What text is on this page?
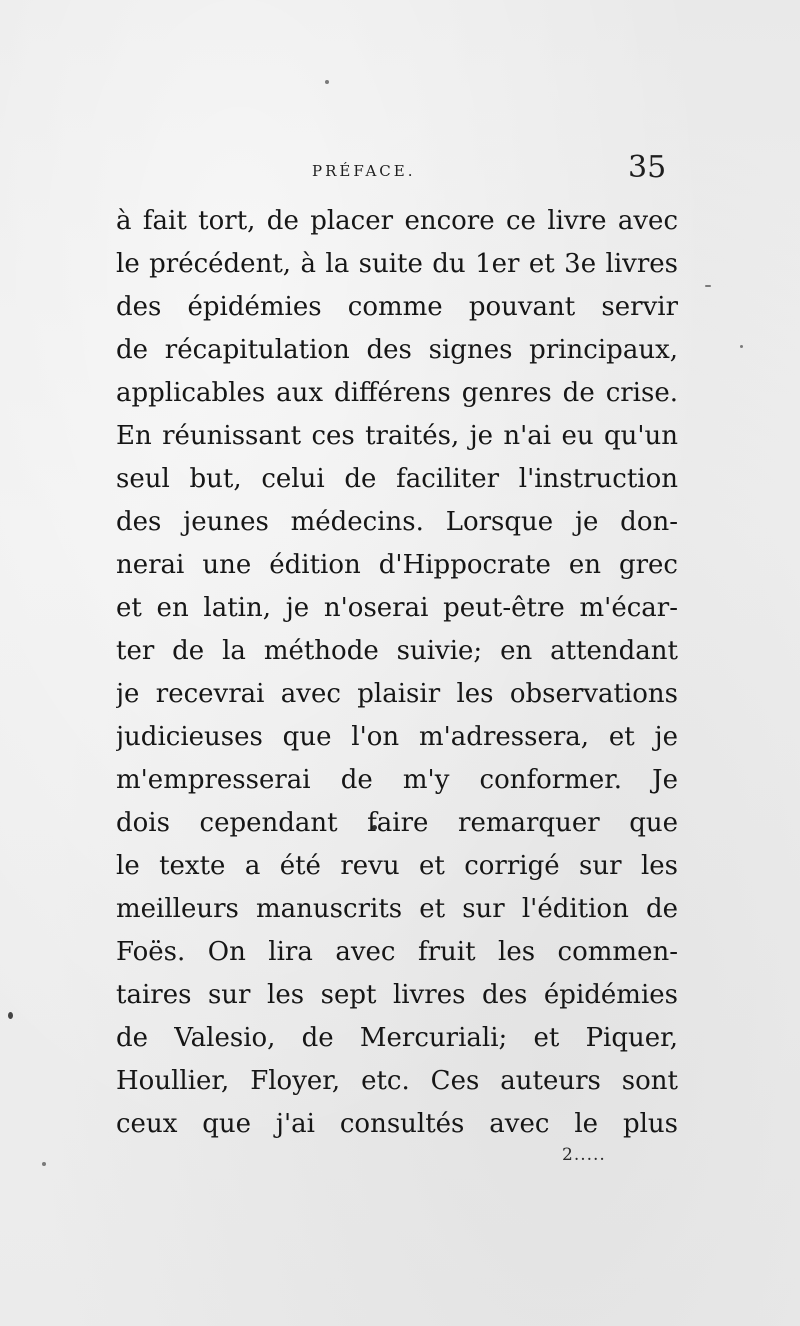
PRÉFACE.	35
à fait tort, de placer encore ce livre avec
le précédent, à la suite du 1er et 3e livres
des épidémies comme pouvant servir
de récapitulation des signes principaux,
applicables aux différens genres de crise.
En réunissant ces traités, je n'ai eu qu'un
seul but, celui de faciliter l'instruction
des jeunes médecins. Lorsque je don-
nerai une édition d'Hippocrate en grec
et en latin, je n'oserai peut-être m'écar-
ter de la méthode suivie; en attendant
je recevrai avec plaisir les observations
judicieuses que l'on m'adressera, et je
m'empresserai de m'y conformer. Je
dois cependant faire remarquer que
le texte a été revu et corrigé sur les
meilleurs manuscrits et sur l'édition de
Foës. On lira avec fruit les commen-
taires sur les sept livres des épidémies
de Valesio, de Mercuriali; et Piquer,
Houllier, Floyer, etc. Ces auteurs sont
ceux que j'ai consultés avec le plus
2.....
